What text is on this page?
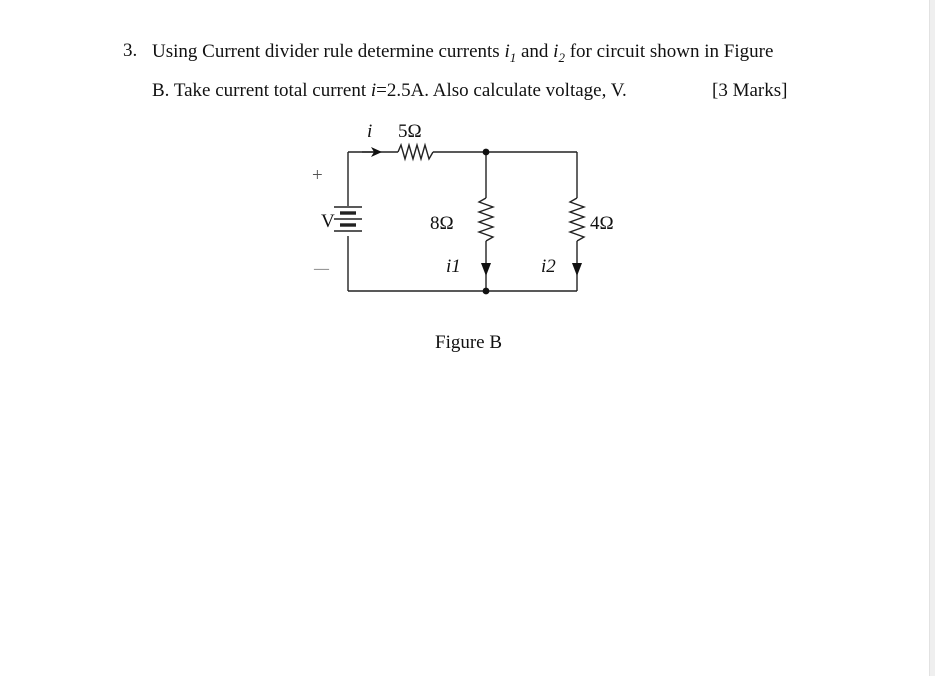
3. Using Current divider rule determine currents $i_1$ and $i_2$ for circuit shown in Figure
B. Take current total current i=2.5A. Also calculate voltage, V.	[3 Marks]
V
+
—
i 5Ω
8Ω	4Ω
i1	i2
Figure B
